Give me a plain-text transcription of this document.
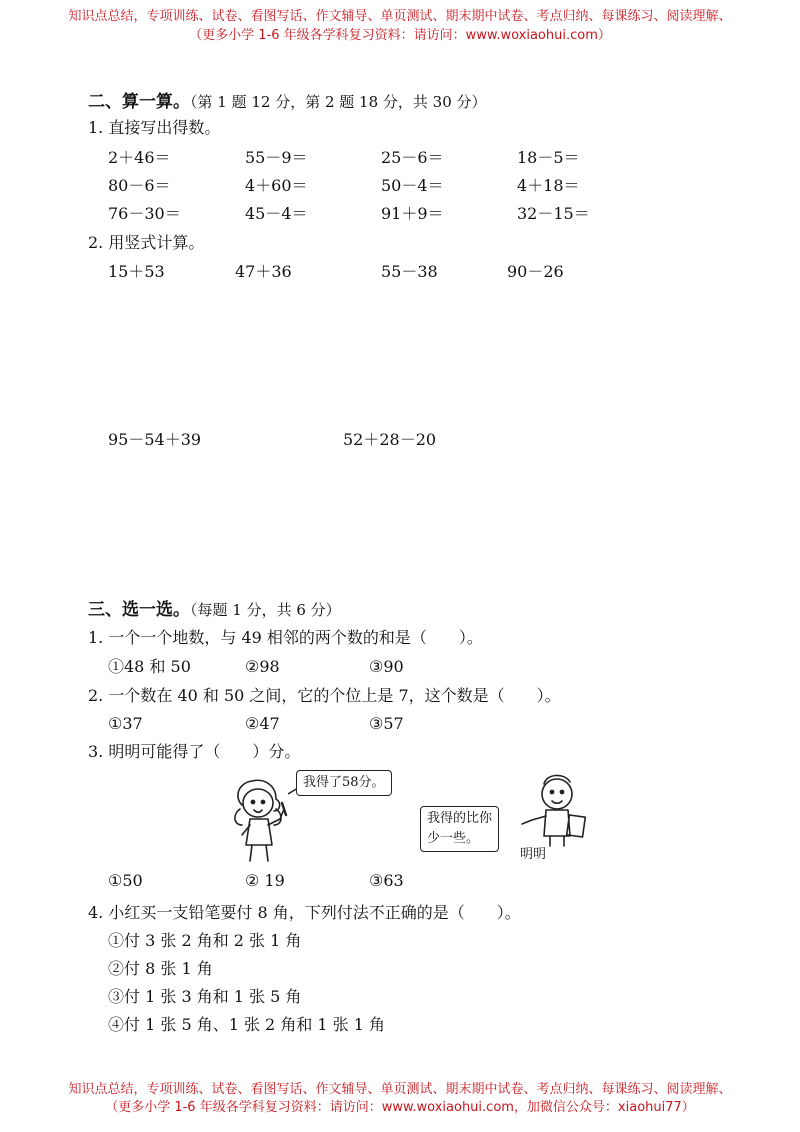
知识点总结，专项训练、试卷、看图写话、作文辅导、单页测试、期末期中试卷、考点归纳、每课练习、阅读理解、
（更多小学 1-6 年级各学科复习资料：请访问：www.woxiaohui.com）
二、算一算。（第 1 题 12 分，第 2 题 18 分，共 30 分）
1. 直接写出得数。
2＋46＝	55－9＝	25－6＝	18－5＝
80－6＝	4＋60＝	50－4＝	4＋18＝
76－30＝	45－4＝	91＋9＝	32－15＝
2. 用竖式计算。
15＋53	47＋36	55－38	90－26
95－54＋39	52＋28－20
三、选一选。（每题 1 分，共 6 分）
1. 一个一个地数，与 49 相邻的两个数的和是（　　）。
①48 和 50	②98	③90
2. 一个数在 40 和 50 之间，它的个位上是 7，这个数是（　　）。
①37	②47	③57
3. 明明可能得了（　　）分。
我得了58分。
我得的比你
少一些。
明明
①50	② 19	③63
4. 小红买一支铅笔要付 8 角，下列付法不正确的是（　　）。
①付 3 张 2 角和 2 张 1 角
②付 8 张 1 角
③付 1 张 3 角和 1 张 5 角
④付 1 张 5 角、1 张 2 角和 1 张 1 角
知识点总结，专项训练、试卷、看图写话、作文辅导、单页测试、期末期中试卷、考点归纳、每课练习、阅读理解、
（更多小学 1-6 年级各学科复习资料：请访问：www.woxiaohui.com，加微信公众号：xiaohui77）
